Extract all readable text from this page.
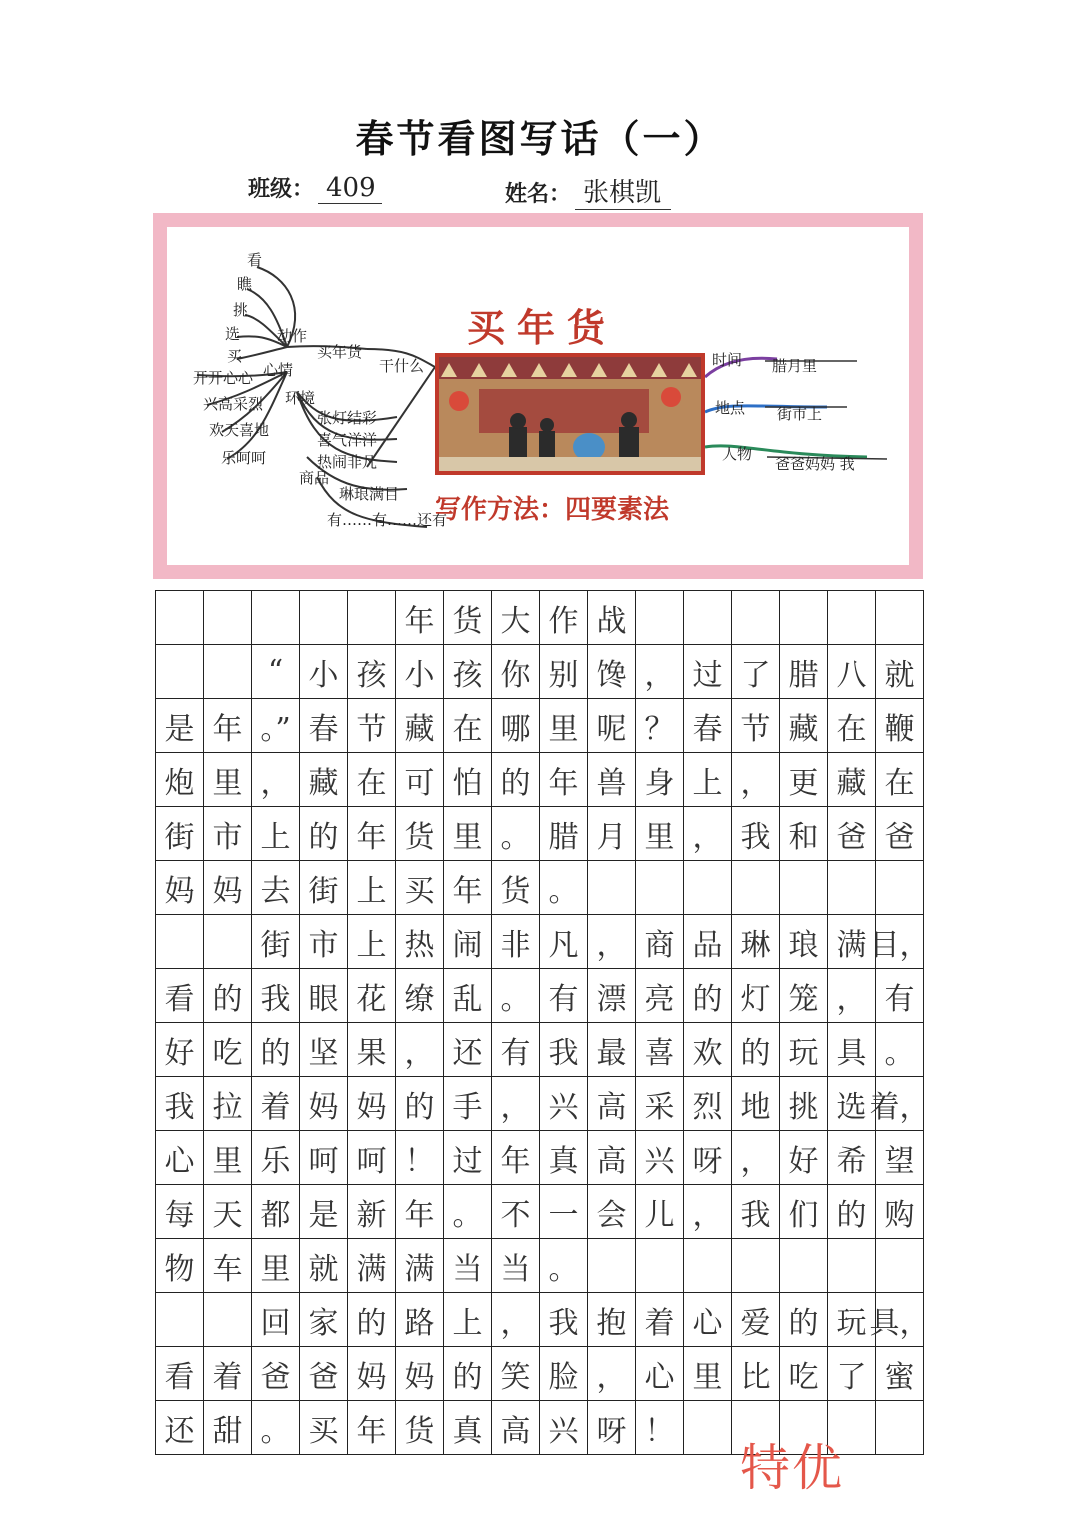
春节看图写话（一）
班级： 409	姓名： 张棋凯
看
瞧
挑
选
买
动作
买年货
干什么
开开心心 心情
兴高采烈
欢天喜地
乐呵呵
环境
张灯结彩
喜气洋洋
热闹非凡
商品
琳琅满目
有……有……还有
买年货
时间 腊月里
地点 街市上
人物
爸爸妈妈 我
写作方法：四要素法
年 货 大 作 战
“ 小 孩 小 孩 你 别 馋 ， 过 了 腊 八 就
是 年 。” 春 节 藏 在 哪 里 呢 ？ 春 节 藏 在 鞭
炮 里 ， 藏 在 可 怕 的 年 兽 身 上 ， 更 藏 在
街 市 上 的 年 货 里 。 腊 月 里 ， 我 和 爸 爸
妈 妈 去 街 上 买 年 货 。
街 市 上 热 闹 非 凡 ， 商 品 琳 琅 满 目，
看 的 我 眼 花 缭 乱 。 有 漂 亮 的 灯 笼 ， 有
好 吃 的 坚 果 ， 还 有 我 最 喜 欢 的 玩 具 。
我 拉 着 妈 妈 的 手 ， 兴 高 采 烈 地 挑 选 着，
心 里 乐 呵 呵 ！ 过 年 真 高 兴 呀 ， 好 希 望
每 天 都 是 新 年 。 不 一 会 儿 ， 我 们 的 购
物 车 里 就 满 满 当 当 。
回 家 的 路 上 ， 我 抱 着 心 爱 的 玩 具，
看 着 爸 爸 妈 妈 的 笑 脸 ， 心 里 比 吃 了 蜜
还 甜 。 买 年 货 真 高 兴 呀 ！
特优
